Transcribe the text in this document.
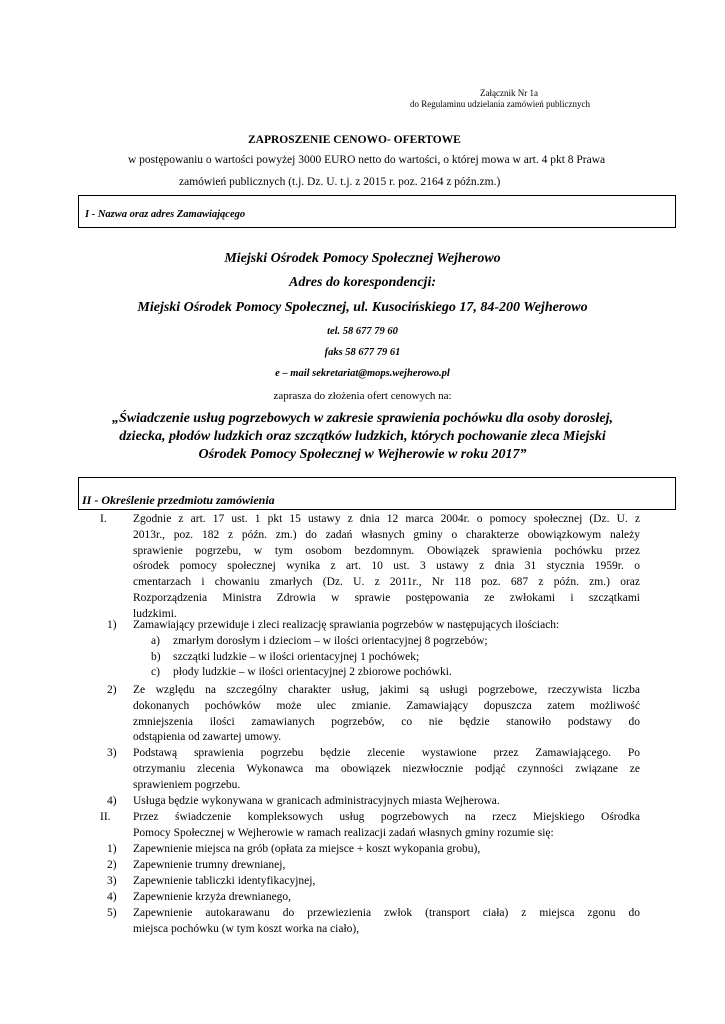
Załącznik Nr 1a
do Regulaminu udzielania zamówień publicznych
ZAPROSZENIE CENOWO- OFERTOWE
w postępowaniu o wartości powyżej 3000 EURO netto do wartości, o której mowa w art. 4 pkt 8 Prawa
zamówień publicznych (t.j. Dz. U. t.j. z 2015 r. poz. 2164 z późn.zm.)
I - Nazwa oraz adres Zamawiającego
Miejski Ośrodek Pomocy Społecznej Wejherowo
Adres do korespondencji:
Miejski Ośrodek Pomocy Społecznej, ul. Kusocińskiego 17, 84-200 Wejherowo
tel. 58 677 79 60
faks 58 677 79 61
e – mail sekretariat@mops.wejherowo.pl
zaprasza do złożenia ofert cenowych na:
„Świadczenie usług pogrzebowych w zakresie sprawienia pochówku dla osoby dorosłej,
dziecka, płodów ludzkich oraz szczątków ludzkich, których pochowanie zleca Miejski
Ośrodek Pomocy Społecznej w Wejherowie w roku 2017”
II - Określenie przedmiotu zamówienia
I. Zgodnie z art. 17 ust. 1 pkt 15 ustawy z dnia 12 marca 2004r. o pomocy społecznej (Dz. U. z
2013r., poz. 182 z późn. zm.) do zadań własnych gminy o charakterze obowiązkowym należy
sprawienie pogrzebu, w tym osobom bezdomnym. Obowiązek sprawienia pochówku przez
ośrodek pomocy społecznej wynika z art. 10 ust. 3 ustawy z dnia 31 stycznia 1959r. o
cmentarzach i chowaniu zmarłych (Dz. U. z 2011r., Nr 118 poz. 687 z późn. zm.) oraz
Rozporządzenia Ministra Zdrowia w sprawie postępowania ze zwłokami i szczątkami
ludzkimi.
1) Zamawiający przewiduje i zleci realizację sprawiania pogrzebów w następujących ilościach:
a) zmarłym dorosłym i dzieciom – w ilości orientacyjnej 8 pogrzebów;
b) szczątki ludzkie – w ilości orientacyjnej 1 pochówek;
c) płody ludzkie – w ilości orientacyjnej 2 zbiorowe pochówki.
2) Ze względu na szczególny charakter usług, jakimi są usługi pogrzebowe, rzeczywista liczba
dokonanych pochówków może ulec zmianie. Zamawiający dopuszcza zatem możliwość
zmniejszenia ilości zamawianych pogrzebów, co nie będzie stanowiło podstawy do
odstąpienia od zawartej umowy.
3) Podstawą sprawienia pogrzebu będzie zlecenie wystawione przez Zamawiającego. Po
otrzymaniu zlecenia Wykonawca ma obowiązek niezwłocznie podjąć czynności związane ze
sprawieniem pogrzebu.
4) Usługa będzie wykonywana w granicach administracyjnych miasta Wejherowa.
II. Przez świadczenie kompleksowych usług pogrzebowych na rzecz Miejskiego Ośrodka
Pomocy Społecznej w Wejherowie w ramach realizacji zadań własnych gminy rozumie się:
1) Zapewnienie miejsca na grób (opłata za miejsce + koszt wykopania grobu),
2) Zapewnienie trumny drewnianej,
3) Zapewnienie tabliczki identyfikacyjnej,
4) Zapewnienie krzyża drewnianego,
5) Zapewnienie autokarawanu do przewiezienia zwłok (transport ciała) z miejsca zgonu do
miejsca pochówku (w tym koszt worka na ciało),
